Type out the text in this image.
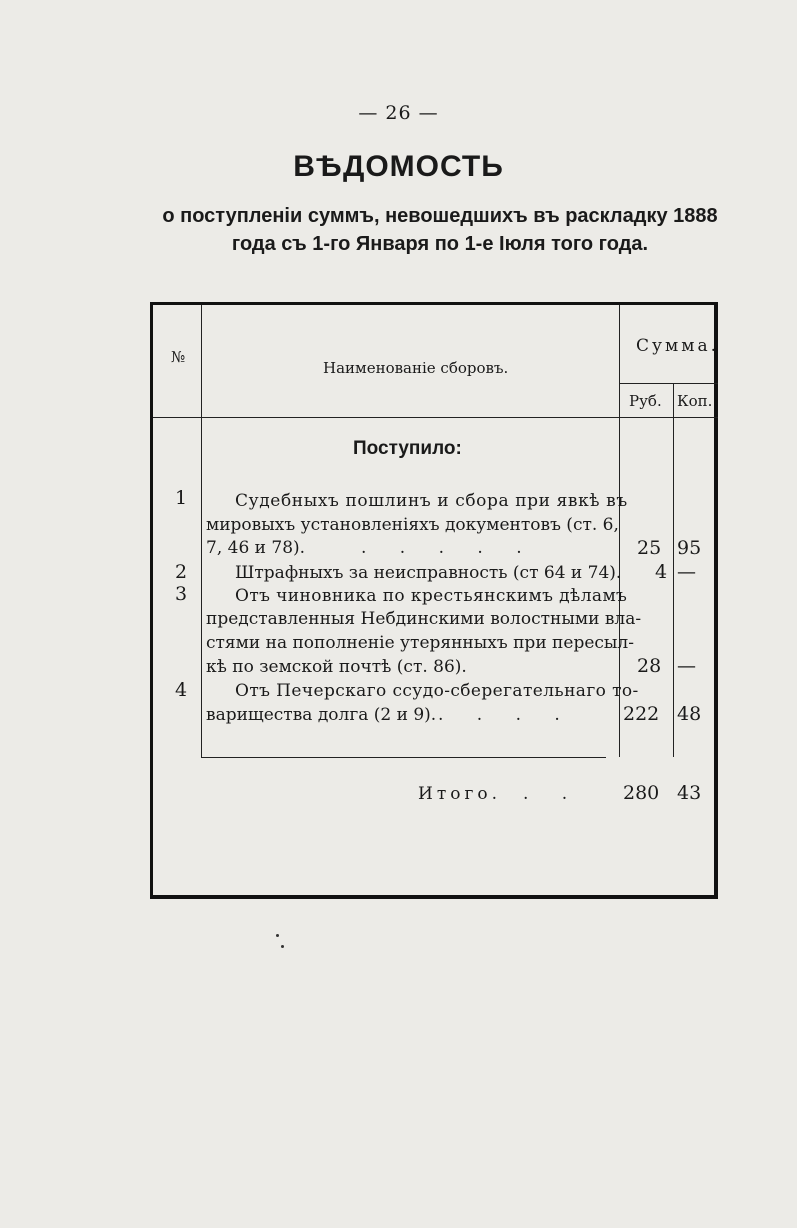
— 26 —
ВѢДОМОСТЬ
о поступленіи суммъ, невошедшихъ въ раскладку 1888
года съ 1-го Января по 1-е Іюля того года.
№
Наименованіе сборовъ.
Сумма.
Руб. Коп.
Поступило:
1	Судебныхъ пошлинъ и сбора при явкѣ въ
мировыхъ установленіяхъ документовъ (ст. 6,
7, 46 и 78).	. . . . .	25 95
2	Штрафныхъ за неисправность (ст 64 и 74). 4 —
3	Отъ чиновника по крестьянскимъ дѣламъ
представленныя Небдинскими волостными вла-
стями на пополненіе утерянныхъ при пересыл-
кѣ по земской почтѣ (ст. 86).	28 —
4	Отъ Печерскаго ссудо-сберегательнаго то-
варищества долга (2 и 9). . . . .	222 48
Итого. . . 280 43
